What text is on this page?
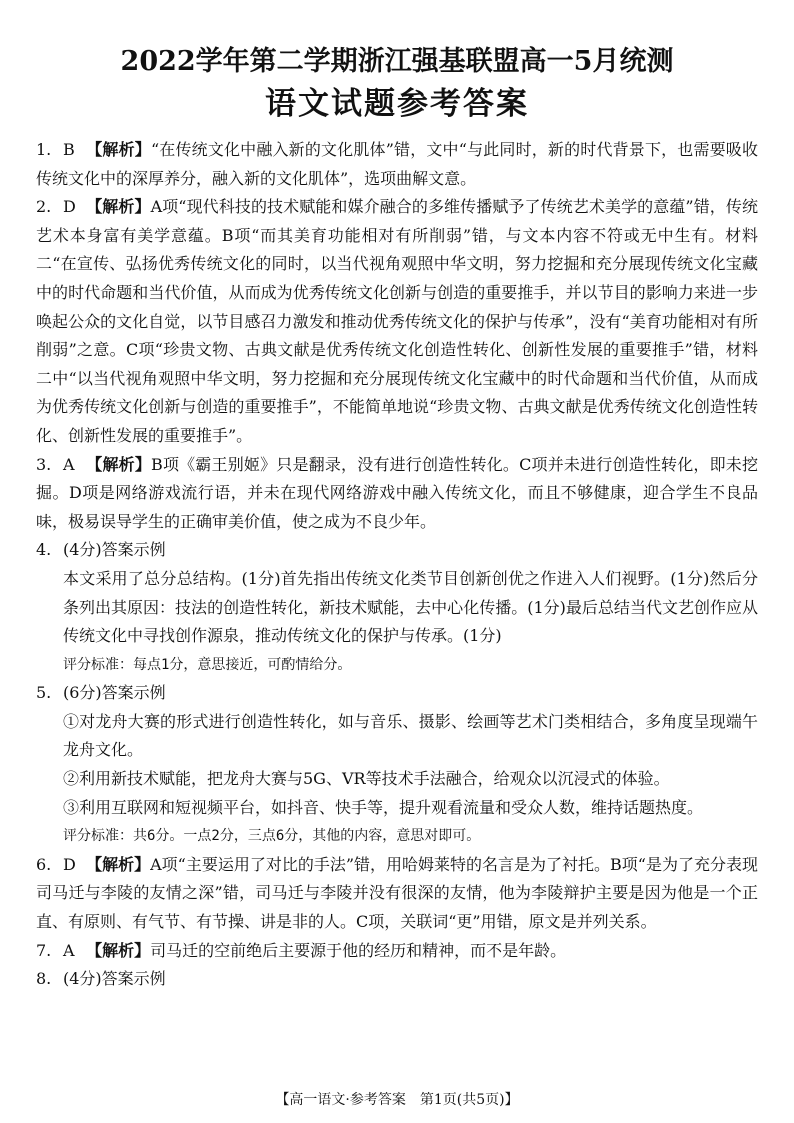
2022学年第二学期浙江强基联盟高一5月统测
语文试题参考答案

1. B 【解析】“在传统文化中融入新的文化肌体”错，文中“与此同时，新的时代背景下，也需要吸收传统文化中的深厚养分，融入新的文化肌体”，选项曲解文意。

2. D 【解析】A项“现代科技的技术赋能和媒介融合的多维传播赋予了传统艺术美学的意蕴”错，传统艺术本身富有美学意蕴。B项“而其美育功能相对有所削弱”错，与文本内容不符或无中生有。材料二“在宣传、弘扬优秀传统文化的同时，以当代视角观照中华文明，努力挖掘和充分展现传统文化宝藏中的时代命题和当代价值，从而成为优秀传统文化创新与创造的重要推手，并以节目的影响力来进一步唤起公众的文化自觉，以节目感召力激发和推动优秀传统文化的保护与传承”，没有“美育功能相对有所削弱”之意。C项“珍贵文物、古典文献是优秀传统文化创造性转化、创新性发展的重要推手”错，材料二中“以当代视角观照中华文明，努力挖掘和充分展现传统文化宝藏中的时代命题和当代价值，从而成为优秀传统文化创新与创造的重要推手”，不能简单地说“珍贵文物、古典文献是优秀传统文化创造性转化、创新性发展的重要推手”。

3. A 【解析】B项《霸王别姬》只是翻录，没有进行创造性转化。C项并未进行创造性转化，即未挖掘。D项是网络游戏流行语，并未在现代网络游戏中融入传统文化，而且不够健康，迎合学生不良品味，极易误导学生的正确审美价值，使之成为不良少年。

4. (4分)答案示例

本文采用了总分总结构。(1分)首先指出传统文化类节目创新创优之作进入人们视野。(1分)然后分条列出其原因：技法的创造性转化，新技术赋能，去中心化传播。(1分)最后总结当代文艺创作应从传统文化中寻找创作源泉，推动传统文化的保护与传承。(1分)

评分标准：每点1分，意思接近，可酌情给分。

5. (6分)答案示例

①对龙舟大赛的形式进行创造性转化，如与音乐、摄影、绘画等艺术门类相结合，多角度呈现端午龙舟文化。

②利用新技术赋能，把龙舟大赛与5G、VR等技术手法融合，给观众以沉浸式的体验。

③利用互联网和短视频平台，如抖音、快手等，提升观看流量和受众人数，维持话题热度。

评分标准：共6分。一点2分，三点6分，其他的内容，意思对即可。

6. D 【解析】A项“主要运用了对比的手法”错，用哈姆莱特的名言是为了衬托。B项“是为了充分表现司马迁与李陵的友情之深”错，司马迁与李陵并没有很深的友情，他为李陵辩护主要是因为他是一个正直、有原则、有气节、有节操、讲是非的人。C项，关联词“更”用错，原文是并列关系。

7. A 【解析】司马迁的空前绝后主要源于他的经历和精神，而不是年龄。

8. (4分)答案示例

【高一语文·参考答案　第1页(共5页)】
